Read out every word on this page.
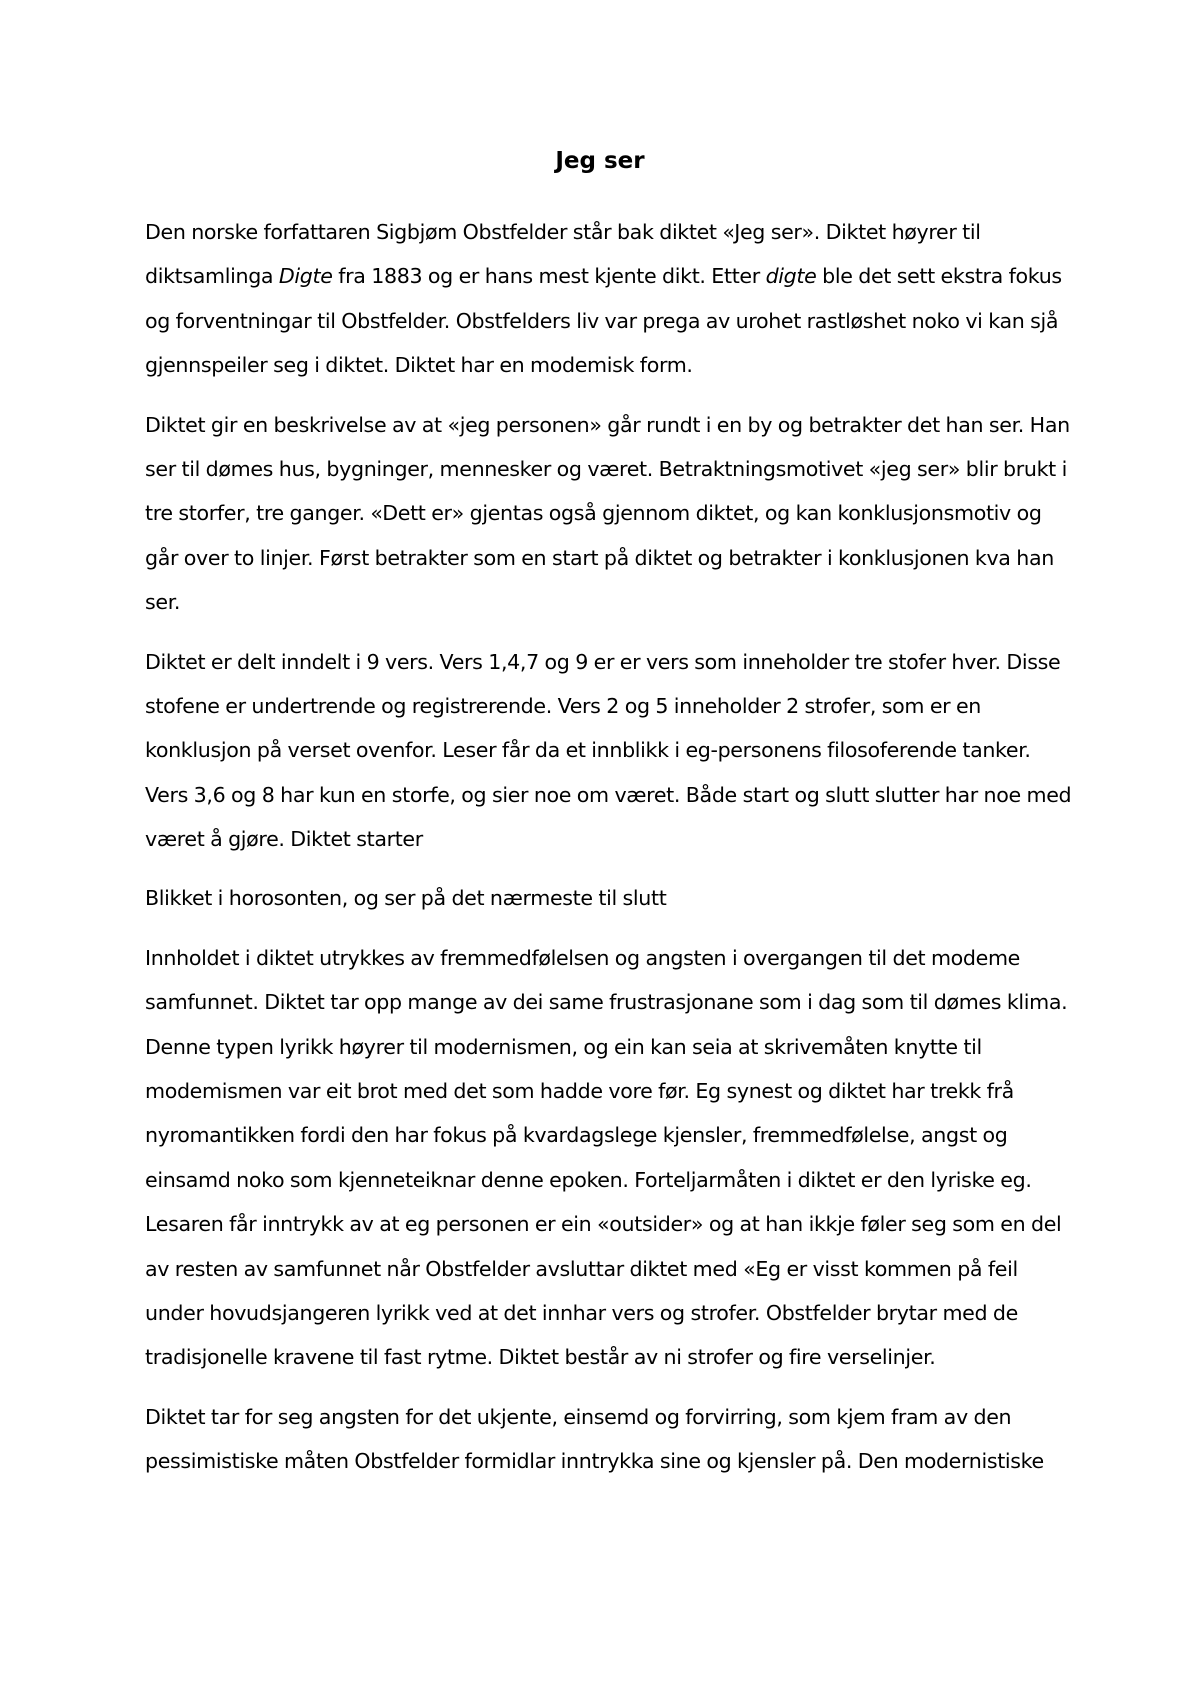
Jeg ser

Den norske forfattaren Sigbjøm Obstfelder står bak diktet «Jeg ser». Diktet høyrer til
diktsamlinga Digte fra 1883 og er hans mest kjente dikt. Etter digte ble det sett ekstra fokus
og forventningar til Obstfelder. Obstfelders liv var prega av urohet rastløshet noko vi kan sjå
gjennspeiler seg i diktet. Diktet har en modemisk form.

Diktet gir en beskrivelse av at «jeg personen» går rundt i en by og betrakter det han ser. Han
ser til dømes hus, bygninger, mennesker og været. Betraktningsmotivet «jeg ser» blir brukt i
tre storfer, tre ganger. «Dett er» gjentas også gjennom diktet, og kan konklusjonsmotiv og
går over to linjer. Først betrakter som en start på diktet og betrakter i konklusjonen kva han
ser.

Diktet er delt inndelt i 9 vers. Vers 1,4,7 og 9 er er vers som inneholder tre stofer hver. Disse
stofene er undertrende og registrerende. Vers 2 og 5 inneholder 2 strofer, som er en
konklusjon på verset ovenfor. Leser får da et innblikk i eg-personens filosoferende tanker.
Vers 3,6 og 8 har kun en storfe, og sier noe om været. Både start og slutt slutter har noe med
været å gjøre. Diktet starter

Blikket i horosonten, og ser på det nærmeste til slutt

Innholdet i diktet utrykkes av fremmedfølelsen og angsten i overgangen til det modeme
samfunnet. Diktet tar opp mange av dei same frustrasjonane som i dag som til dømes klima.
Denne typen lyrikk høyrer til modernismen, og ein kan seia at skrivemåten knytte til
modemismen var eit brot med det som hadde vore før. Eg synest og diktet har trekk frå
nyromantikken fordi den har fokus på kvardagslege kjensler, fremmedfølelse, angst og
einsamd noko som kjenneteiknar denne epoken. Forteljarmåten i diktet er den lyriske eg.
Lesaren får inntrykk av at eg personen er ein «outsider» og at han ikkje føler seg som en del
av resten av samfunnet når Obstfelder avsluttar diktet med «Eg er visst kommen på feil
under hovudsjangeren lyrikk ved at det innhar vers og strofer. Obstfelder brytar med de
tradisjonelle kravene til fast rytme. Diktet består av ni strofer og fire verselinjer.

Diktet tar for seg angsten for det ukjente, einsemd og forvirring, som kjem fram av den
pessimistiske måten Obstfelder formidlar inntrykka sine og kjensler på. Den modernistiske
